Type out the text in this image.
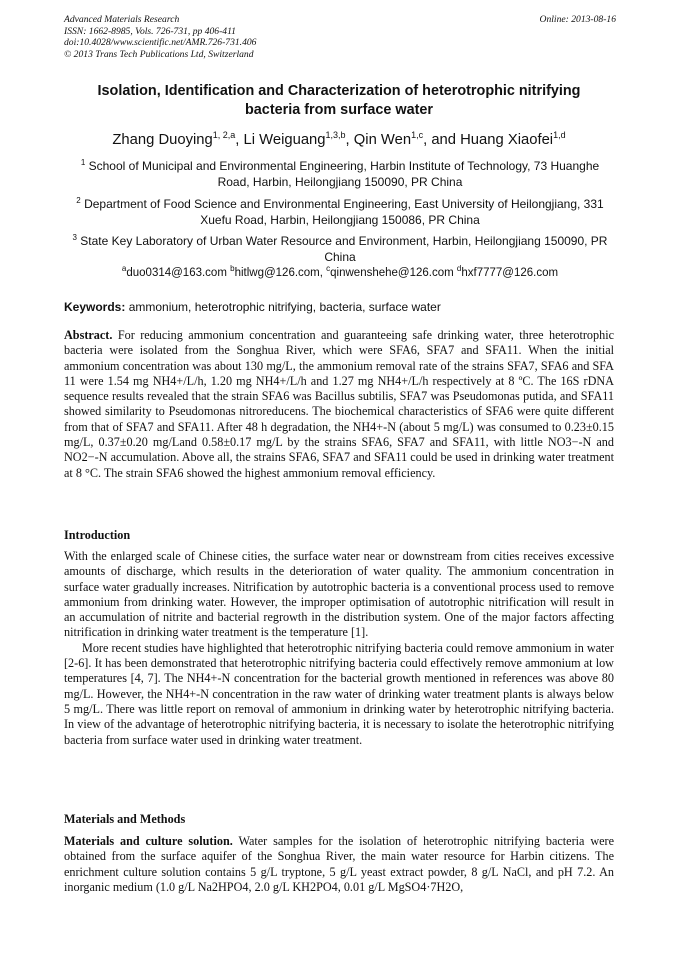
Advanced Materials Research
ISSN: 1662-8985, Vols. 726-731, pp 406-411
doi:10.4028/www.scientific.net/AMR.726-731.406
© 2013 Trans Tech Publications Ltd, Switzerland
Online: 2013-08-16
Isolation, Identification and Characterization of heterotrophic nitrifying
bacteria from surface water
Zhang Duoying$^{1, 2,a}$, Li Weiguang$^{1,3,b}$, Qin Wen$^{1,c}$, and Huang Xiaofei$^{1,d}$
$^1$ School of Municipal and Environmental Engineering, Harbin Institute of Technology, 73 Huanghe Road, Harbin, Heilongjiang 150090, PR China
$^2$ Department of Food Science and Environmental Engineering, East University of Heilongjiang, 331 Xuefu Road, Harbin, Heilongjiang 150086, PR China
$^3$ State Key Laboratory of Urban Water Resource and Environment, Harbin, Heilongjiang 150090, PR China
$^a$duo0314@163.com $^b$hitlwg@126.com, $^c$qinwenshehe@126.com $^d$hxf7777@126.com
Keywords: ammonium, heterotrophic nitrifying, bacteria, surface water

Abstract. For reducing ammonium concentration and guaranteeing safe drinking water, three heterotrophic bacteria were isolated from the Songhua River, which were SFA6, SFA7 and SFA11. When the initial ammonium concentration was about 130 mg/L, the ammonium removal rate of the strains SFA7, SFA6 and SFA 11 were 1.54 mg NH4+/L/h, 1.20 mg NH4+/L/h and 1.27 mg NH4+/L/h respectively at 8 ºC. The 16S rDNA sequence results revealed that the strain SFA6 was Bacillus subtilis, SFA7 was Pseudomonas putida, and SFA11 showed similarity to Pseudomonas nitroreducens. The biochemical characteristics of SFA6 were quite different from that of SFA7 and SFA11. After 48 h degradation, the NH4+-N (about 5 mg/L) was consumed to 0.23±0.15 mg/L, 0.37±0.20 mg/Land 0.58±0.17 mg/L by the strains SFA6, SFA7 and SFA11, with little NO3−-N and NO2−-N accumulation. Above all, the strains SFA6, SFA7 and SFA11 could be used in drinking water treatment at 8 °C. The strain SFA6 showed the highest ammonium removal efficiency.

Introduction

With the enlarged scale of Chinese cities, the surface water near or downstream from cities receives excessive amounts of discharge, which results in the deterioration of water quality. The ammonium concentration in surface water gradually increases. Nitrification by autotrophic bacteria is a conventional process used to remove ammonium from drinking water. However, the improper optimisation of autotrophic nitrification will result in an accumulation of nitrite and bacterial regrowth in the distribution system. One of the major factors affecting nitrification in drinking water treatment is the temperature [1].

More recent studies have highlighted that heterotrophic nitrifying bacteria could remove ammonium in water [2-6]. It has been demonstrated that heterotrophic nitrifying bacteria could effectively remove ammonium at low temperatures [4, 7]. The NH4+-N concentration for the bacterial growth mentioned in references was above 80 mg/L. However, the NH4+-N concentration in the raw water of drinking water treatment plants is always below 5 mg/L. There was little report on removal of ammonium in drinking water by heterotrophic nitrifying bacteria. In view of the advantage of heterotrophic nitrifying bacteria, it is necessary to isolate the heterotrophic nitrifying bacteria from surface water used in drinking water treatment.

Materials and Methods

Materials and culture solution. Water samples for the isolation of heterotrophic nitrifying bacteria were obtained from the surface aquifer of the Songhua River, the main water resource for Harbin citizens. The enrichment culture solution contains 5 g/L tryptone, 5 g/L yeast extract powder, 8 g/L NaCl, and pH 7.2. An inorganic medium (1.0 g/L Na2HPO4, 2.0 g/L KH2PO4, 0.01 g/L MgSO4·7H2O,
